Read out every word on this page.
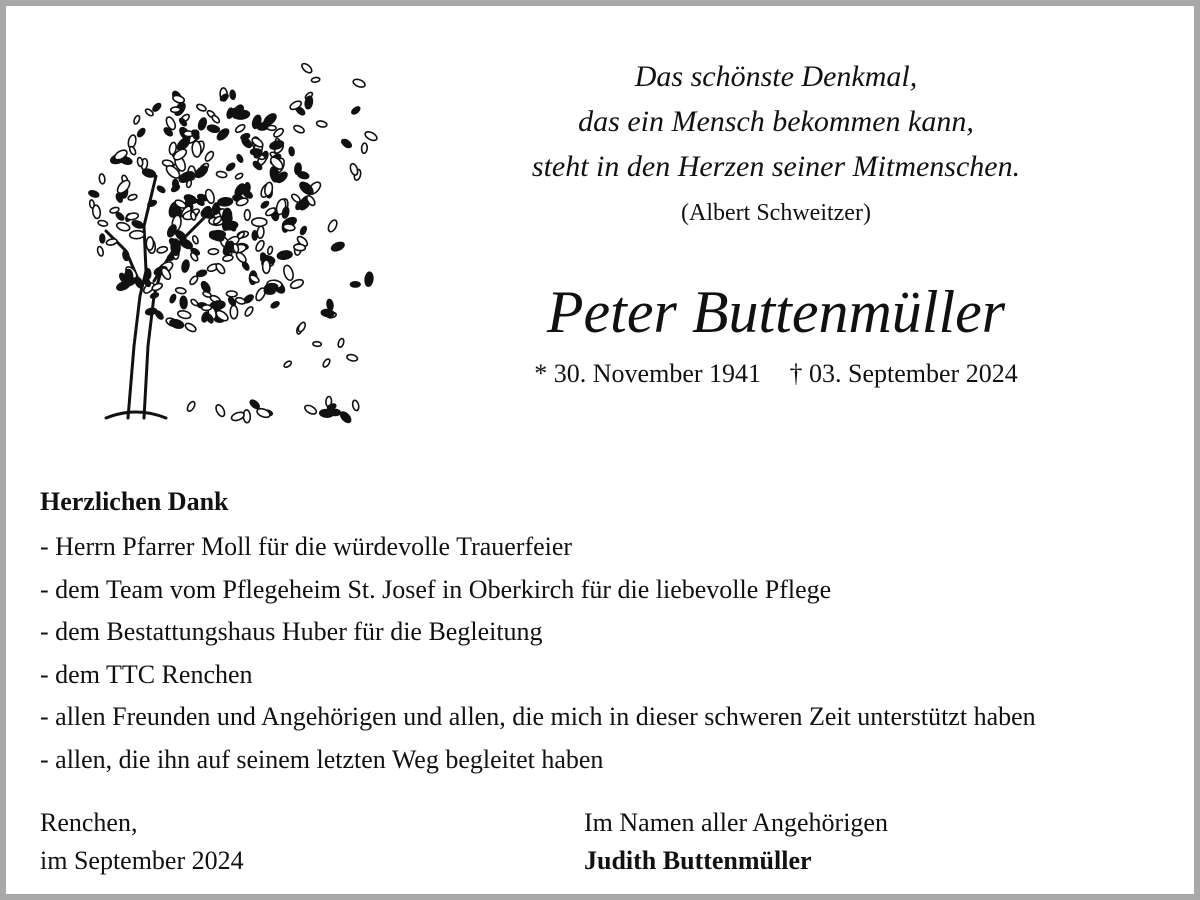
Das schönste Denkmal,
das ein Mensch bekommen kann,
steht in den Herzen seiner Mitmenschen.
(Albert Schweitzer)
Peter Buttenmüller
* 30. November 1941 † 03. September 2024
Herzlichen Dank
- Herrn Pfarrer Moll für die würdevolle Trauerfeier
- dem Team vom Pflegeheim St. Josef in Oberkirch für die liebevolle Pflege
- dem Bestattungshaus Huber für die Begleitung
- dem TTC Renchen
- allen Freunden und Angehörigen und allen, die mich in dieser schweren Zeit unterstützt haben
- allen, die ihn auf seinem letzten Weg begleitet haben
Renchen,
im September 2024
Im Namen aller Angehörigen
Judith Buttenmüller
